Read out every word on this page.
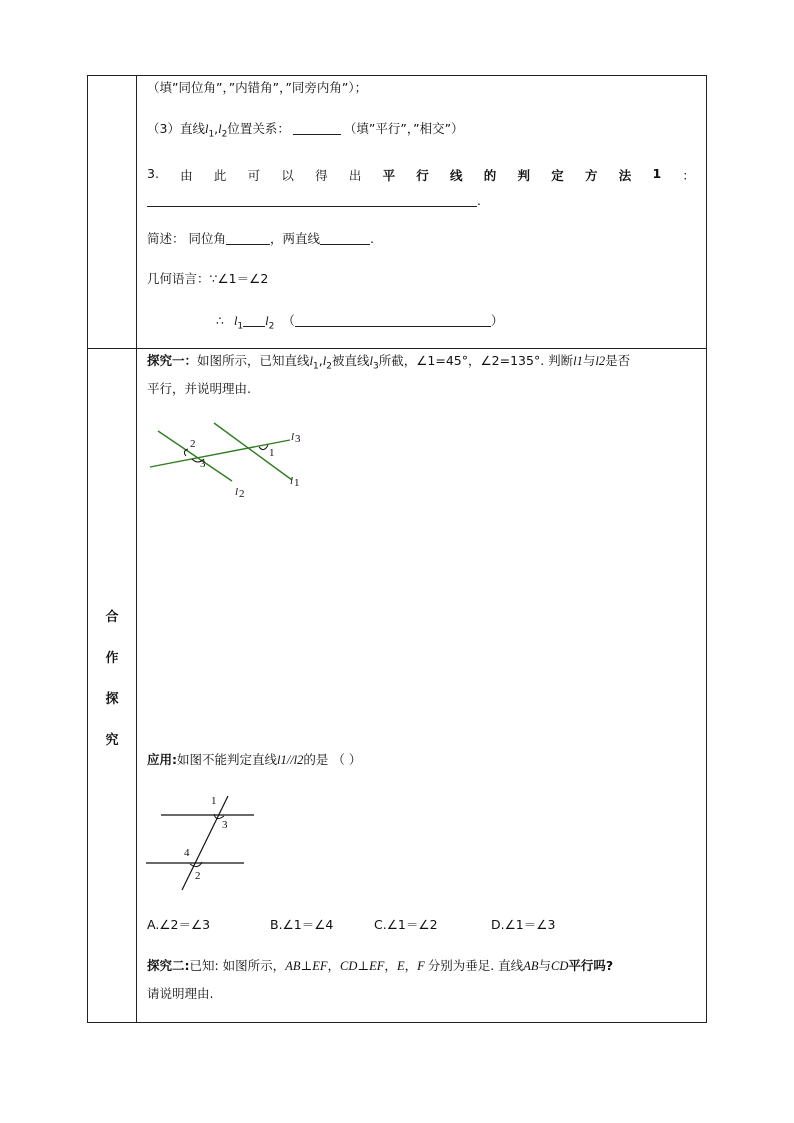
（填”同位角”，”内错角”，”同旁内角”）；
（3）直线$l_1,l_2$位置关系：	（填”平行”，”相交”）
3. 由 此 可 以 得 出 平 行 线 的 判 定 方 法 1 ：
.
简述： 同位角	，两直线	.
几何语言：∵∠1＝∠2
∴ $l_1$ $l_2$ （	）
合
作
探
究
探究一：如图所示，已知直线$l_1,l_2$被直线$l_3$所截，∠1=45°，∠2=135°. 判断l1与l2是否
平行，并说明理由.
2
3
1
l 3
l 1
l 2
应用:如图不能判定直线l1//l2的是 （ ）
1
3
4
2
A.∠2＝∠3	B.∠1＝∠4	C.∠1＝∠2	D.∠1＝∠3
探究二:已知: 如图所示，AB⊥EF，CD⊥EF，E，F 分别为垂足. 直线AB与CD平行吗?
请说明理由.
